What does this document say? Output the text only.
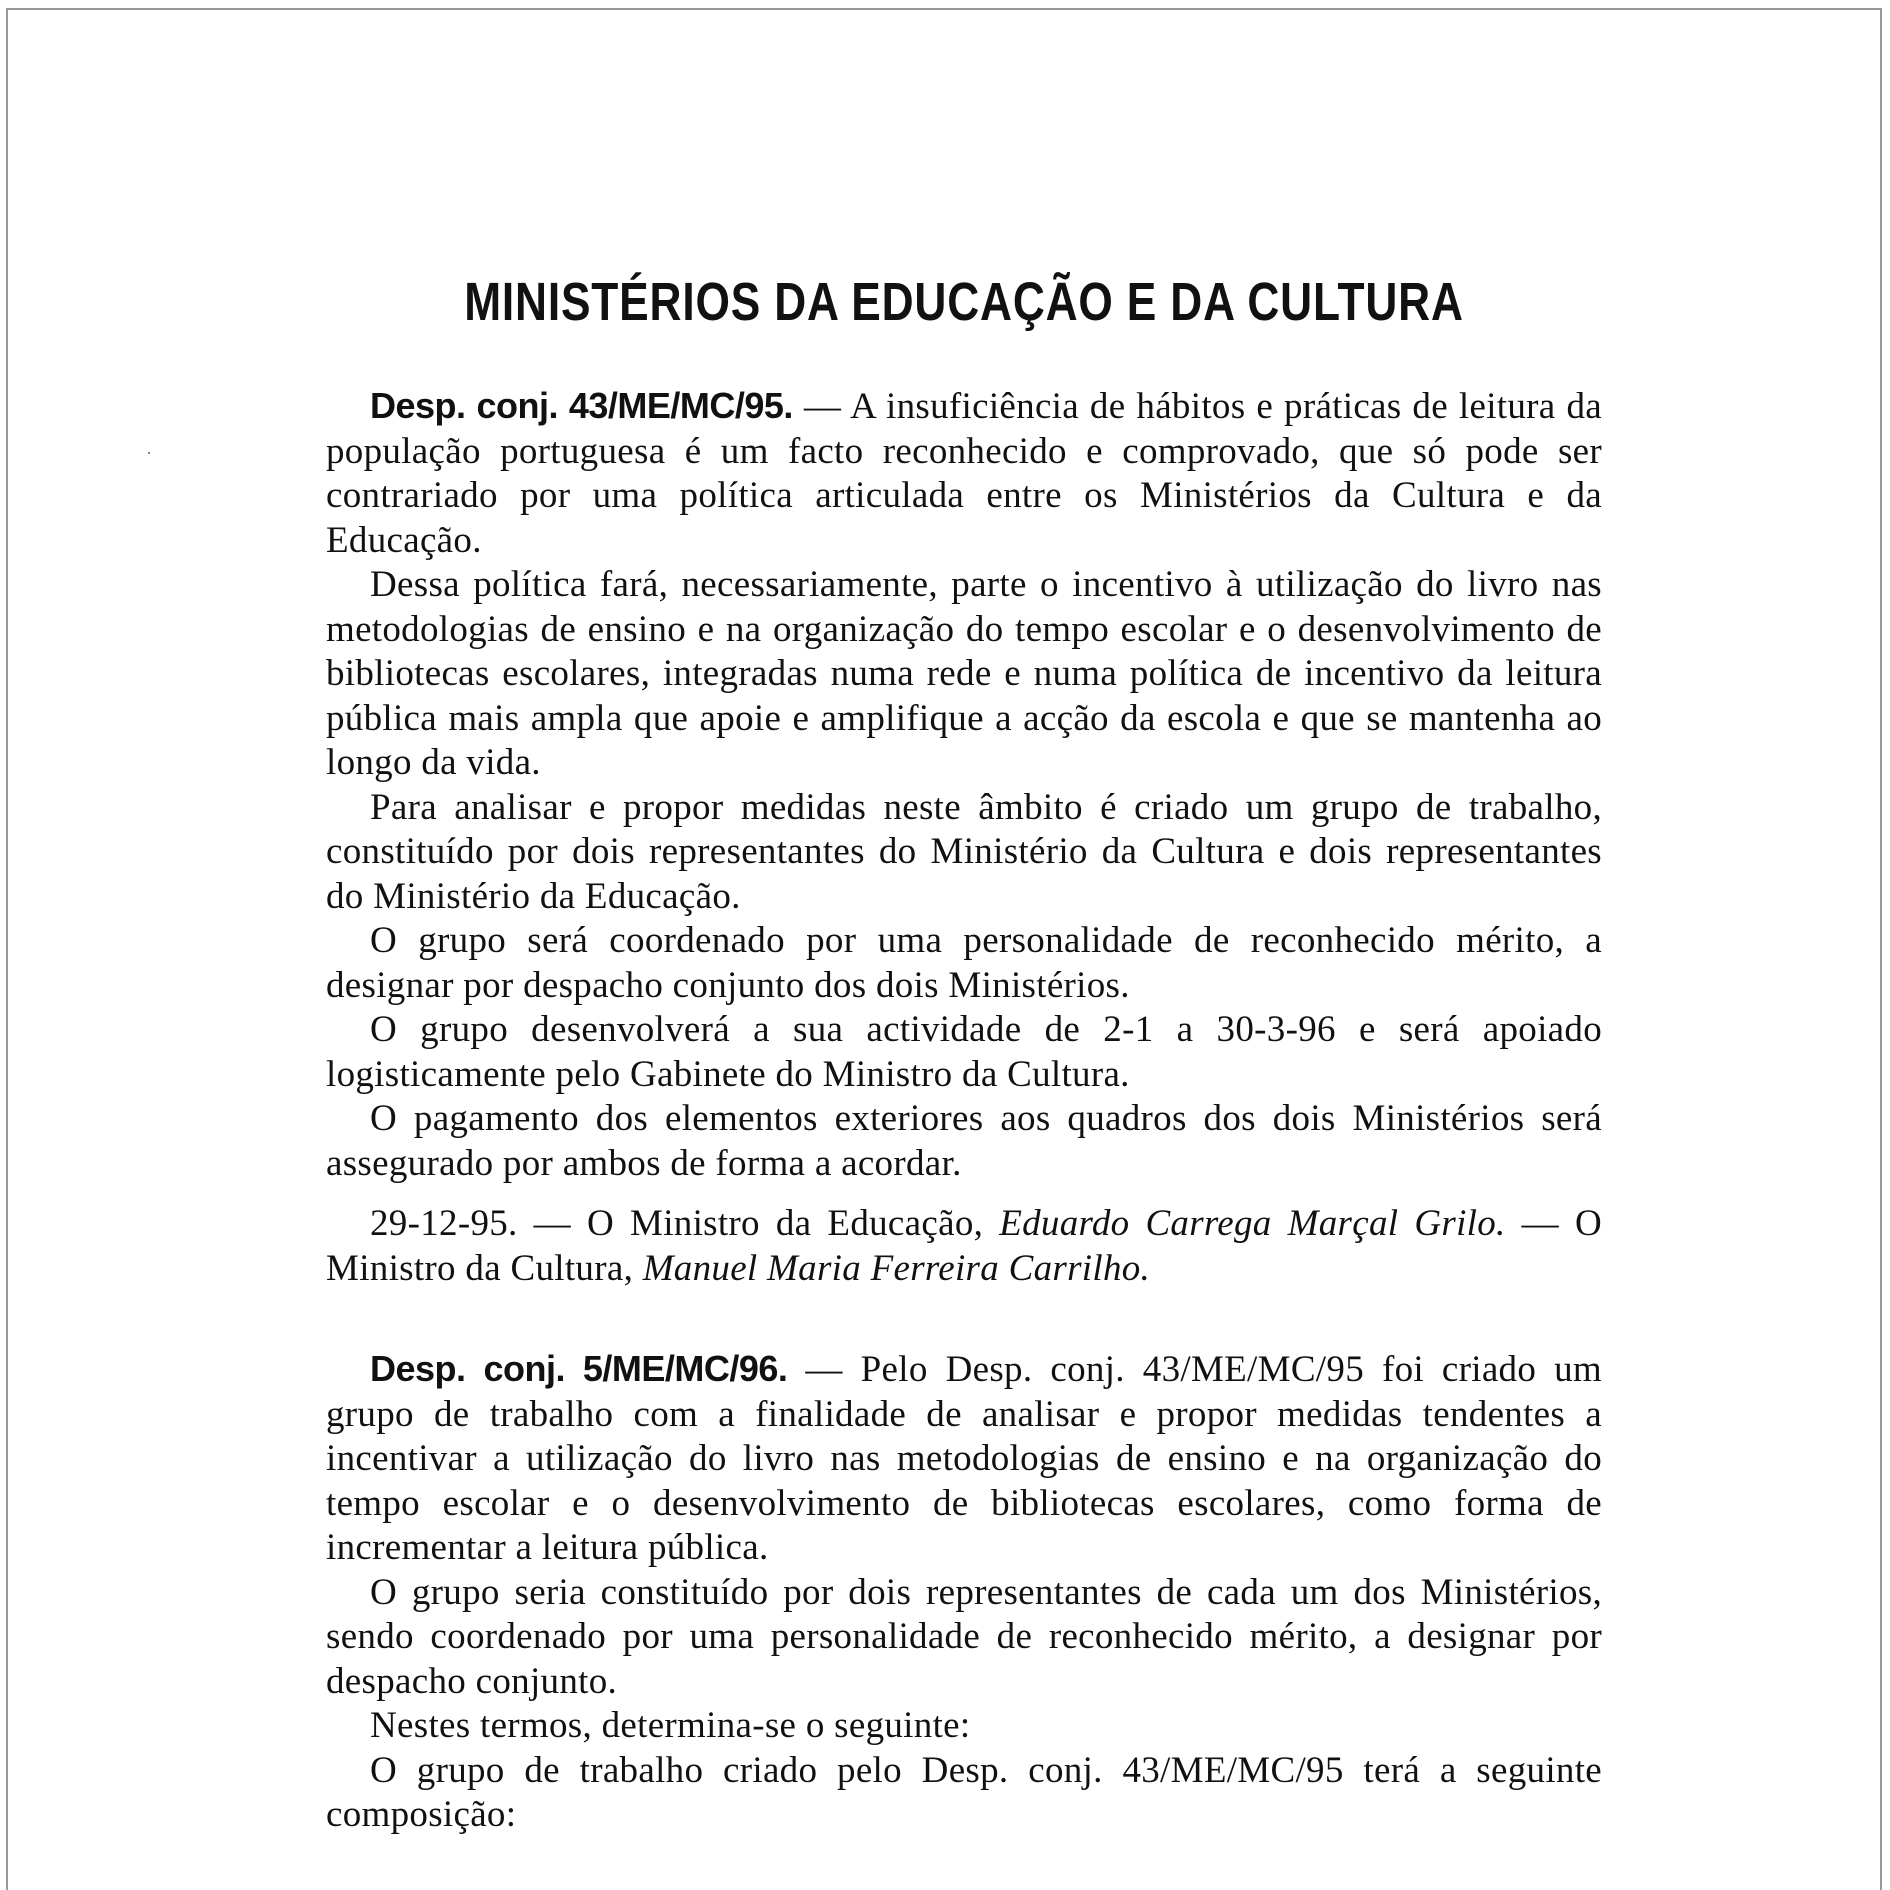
MINISTÉRIOS DA EDUCAÇÃO E DA CULTURA

Desp. conj. 43/ME/MC/95. — A insuficiência de hábitos e práticas de leitura da população portuguesa é um facto reconhecido e comprovado, que só pode ser contrariado por uma política articulada entre os Ministérios da Cultura e da Educação.

Dessa política fará, necessariamente, parte o incentivo à utilização do livro nas metodologias de ensino e na organização do tempo escolar e o desenvolvimento de bibliotecas escolares, integradas numa rede e numa política de incentivo da leitura pública mais ampla que apoie e amplifique a acção da escola e que se mantenha ao longo da vida.

Para analisar e propor medidas neste âmbito é criado um grupo de trabalho, constituído por dois representantes do Ministério da Cultura e dois representantes do Ministério da Educação.

O grupo será coordenado por uma personalidade de reconhecido mérito, a designar por despacho conjunto dos dois Ministérios.

O grupo desenvolverá a sua actividade de 2-1 a 30-3-96 e será apoiado logisticamente pelo Gabinete do Ministro da Cultura.

O pagamento dos elementos exteriores aos quadros dos dois Ministérios será assegurado por ambos de forma a acordar.

29-12-95. — O Ministro da Educação, Eduardo Carrega Marçal Grilo. — O Ministro da Cultura, Manuel Maria Ferreira Carrilho.

Desp. conj. 5/ME/MC/96. — Pelo Desp. conj. 43/ME/MC/95 foi criado um grupo de trabalho com a finalidade de analisar e propor medidas tendentes a incentivar a utilização do livro nas metodologias de ensino e na organização do tempo escolar e o desenvolvimento de bibliotecas escolares, como forma de incrementar a leitura pública.

O grupo seria constituído por dois representantes de cada um dos Ministérios, sendo coordenado por uma personalidade de reconhecido mérito, a designar por despacho conjunto.

Nestes termos, determina-se o seguinte:

O grupo de trabalho criado pelo Desp. conj. 43/ME/MC/95 terá a seguinte composição:
